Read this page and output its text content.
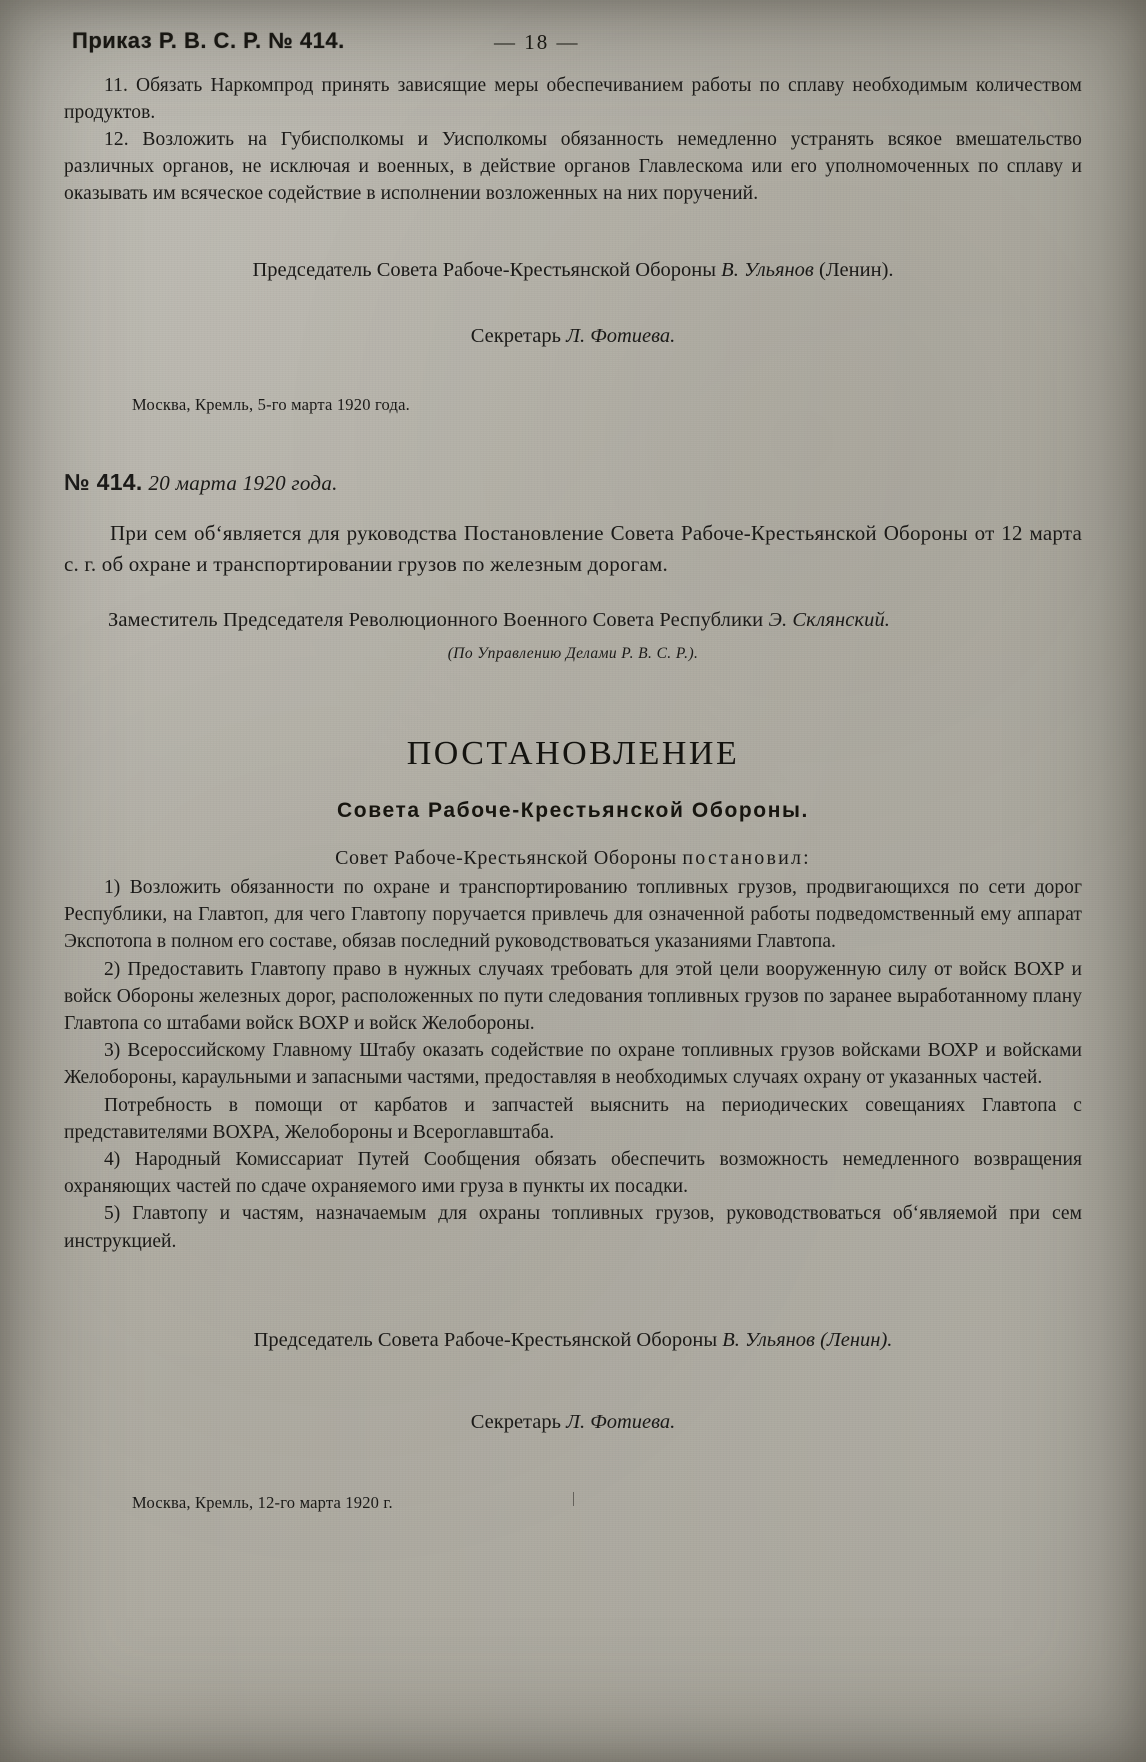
Приказ Р. В. С. Р. № 414.	— 18 —

11. Обязать Наркомпрод принять зависящие меры обеспечиванием работы по сплаву необходимым количеством продуктов.

12. Возложить на Губисполкомы и Уисполкомы обязанность немедленно устранять всякое вмешательство различных органов, не исключая и военных, в действие органов Главлескома или его уполномоченных по сплаву и оказывать им всяческое содействие в исполнении возложенных на них поручений.

Председатель Совета Рабоче-Крестьянской Обороны В. Ульянов (Ленин).

Секретарь Л. Фотиева.

Москва, Кремль, 5-го марта 1920 года.

№ 414. 20 марта 1920 года.

При сем об‘является для руководства Постановление Совета Рабоче-Крестьянской Обороны от 12 марта с. г. об охране и транспортировании грузов по железным дорогам.

Заместитель Председателя Революционного Военного Совета Республики Э. Склянский.

(По Управлению Делами Р. В. С. Р.).

ПОСТАНОВЛЕНИЕ
Совета Рабоче-Крестьянской Обороны.

Совет Рабоче-Крестьянской Обороны постановил:

1) Возложить обязанности по охране и транспортированию топливных грузов, продвигающихся по сети дорог Республики, на Главтоп, для чего Главтопу поручается привлечь для означенной работы подведомственный ему аппарат Экспотопа в полном его составе, обязав последний руководствоваться указаниями Главтопа.

2) Предоставить Главтопу право в нужных случаях требовать для этой цели вооруженную силу от войск ВОХР и войск Обороны железных дорог, расположенных по пути следования топливных грузов по заранее выработанному плану Главтопа со штабами войск ВОХР и войск Желобороны.

3) Всероссийскому Главному Штабу оказать содействие по охране топливных грузов войсками ВОХР и войсками Желобороны, караульными и запасными частями, предоставляя в необходимых случаях охрану от указанных частей.

Потребность в помощи от карбатов и запчастей выяснить на периодических совещаниях Главтопа с представителями ВОХРА, Желобороны и Всероглавштаба.

4) Народный Комиссариат Путей Сообщения обязать обеспечить возможность немедленного возвращения охраняющих частей по сдаче охраняемого ими груза в пункты их посадки.

5) Главтопу и частям, назначаемым для охраны топливных грузов, руководствоваться об‘являемой при сем инструкцией.

Председатель Совета Рабоче-Крестьянской Обороны В. Ульянов (Ленин).

Секретарь Л. Фотиева.

Москва, Кремль, 12-го марта 1920 г.
